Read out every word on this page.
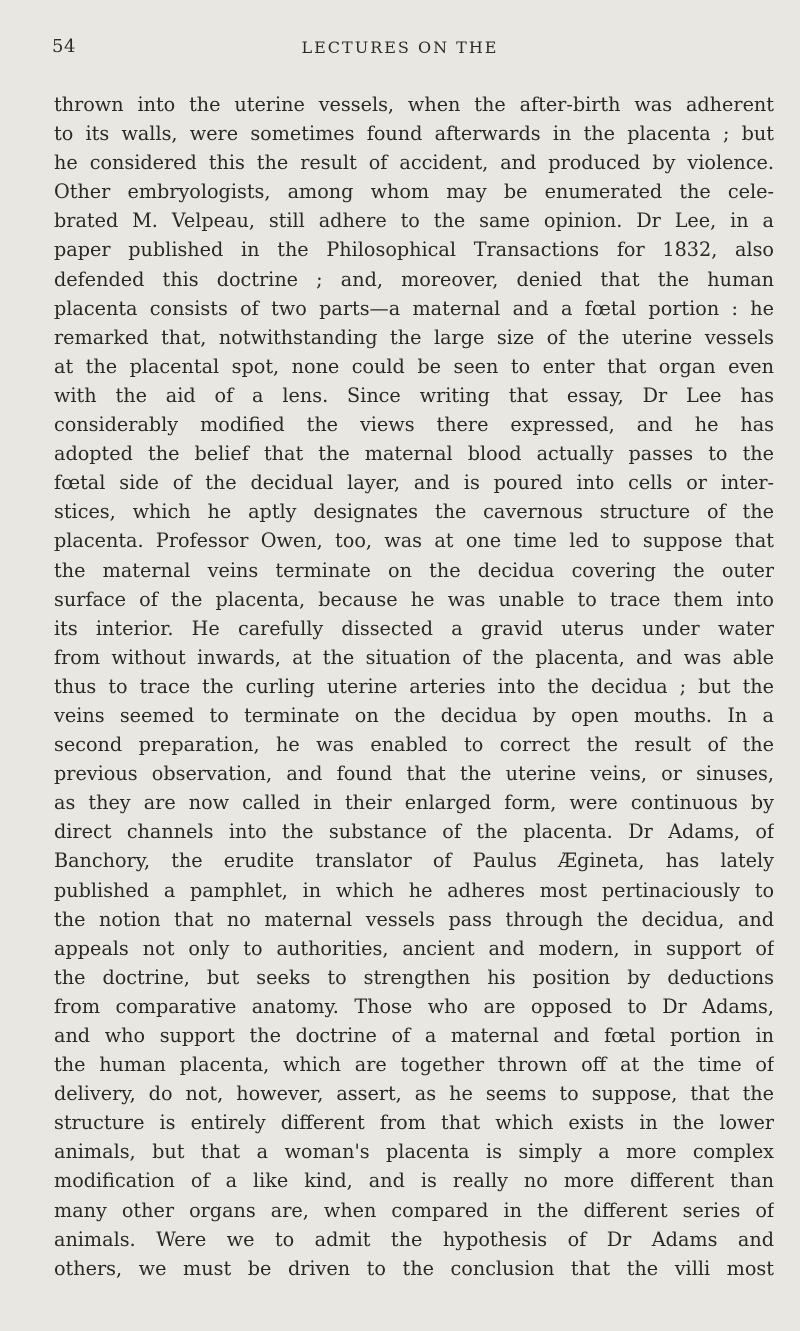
54	LECTURES ON THE
thrown into the uterine vessels, when the after-birth was adherent
to its walls, were sometimes found afterwards in the placenta ; but
he considered this the result of accident, and produced by violence.
Other embryologists, among whom may be enumerated the cele-
brated M. Velpeau, still adhere to the same opinion. Dr Lee, in a
paper published in the Philosophical Transactions for 1832, also
defended this doctrine ; and, moreover, denied that the human
placenta consists of two parts—a maternal and a fœtal portion : he
remarked that, notwithstanding the large size of the uterine vessels
at the placental spot, none could be seen to enter that organ even
with the aid of a lens. Since writing that essay, Dr Lee has
considerably modified the views there expressed, and he has
adopted the belief that the maternal blood actually passes to the
fœtal side of the decidual layer, and is poured into cells or inter-
stices, which he aptly designates the cavernous structure of the
placenta. Professor Owen, too, was at one time led to suppose that
the maternal veins terminate on the decidua covering the outer
surface of the placenta, because he was unable to trace them into
its interior. He carefully dissected a gravid uterus under water
from without inwards, at the situation of the placenta, and was able
thus to trace the curling uterine arteries into the decidua ; but the
veins seemed to terminate on the decidua by open mouths. In a
second preparation, he was enabled to correct the result of the
previous observation, and found that the uterine veins, or sinuses,
as they are now called in their enlarged form, were continuous by
direct channels into the substance of the placenta. Dr Adams, of
Banchory, the erudite translator of Paulus Ægineta, has lately
published a pamphlet, in which he adheres most pertinaciously to
the notion that no maternal vessels pass through the decidua, and
appeals not only to authorities, ancient and modern, in support of
the doctrine, but seeks to strengthen his position by deductions
from comparative anatomy. Those who are opposed to Dr Adams,
and who support the doctrine of a maternal and fœtal portion in
the human placenta, which are together thrown off at the time of
delivery, do not, however, assert, as he seems to suppose, that the
structure is entirely different from that which exists in the lower
animals, but that a woman's placenta is simply a more complex
modification of a like kind, and is really no more different than
many other organs are, when compared in the different series of
animals. Were we to admit the hypothesis of Dr Adams and
others, we must be driven to the conclusion that the villi most
